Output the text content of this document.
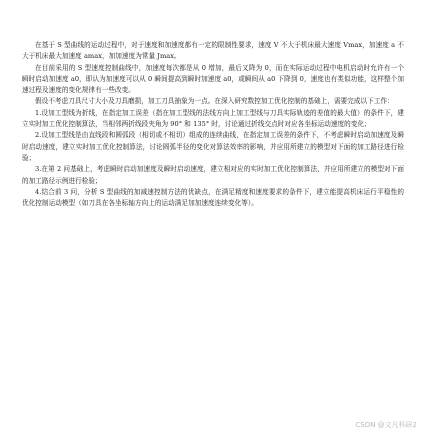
在基于 S 型曲线的运动过程中，对于速度和加速度都有一定的限制性要求，速度 V 不大于机床最大速度 Vmax，加速度 a 不大于机床最大加速度 amax，加加速度为常量 Jmax。

在目前采用的 S 型速度控制曲线中，加速度每次都是从 0 增加，最后又降为 0，而在实际运动过程中电机启动时允许有一个瞬时启动加速度 a0，即认为加速度可以从 0 瞬间提高到瞬时加速度 a0，或瞬间从 a0 下降到 0，速度也有类似功能，这样整个加速过程及速度的变化规律有一些改变。

假设不考虑刀具尺寸大小及刀具磨损，加工刀具抽象为一点。在深入研究数控加工优化控制的基础上，需要完成以下工作：

1.设加工型线为折线，在指定加工误差（指在加工型线的法线方向上加工型线与刀具实际轨迹的差值的最大值）的条件下，建立实时加工优化控制算法，当相邻两折线段夹角为 90° 和 135° 时，讨论通过折线交点时对应各坐标运动速度的变化；

2.设加工型线是由直线段和圆弧段（相切或不相切）组成的连续曲线，在指定加工误差的条件下，不考虑瞬时启动加速度及瞬时启动速度，建立实时加工优化控制算法，讨论圆弧半径的变化对算法效率的影响，并应用所建立的模型对下面的加工路径进行检验；

3.在第 2 问基础上，考虑瞬时启动加速度及瞬时启动速度，建立相对应的实时加工优化控制算法，并应用所建立的模型对下面的加工路径示例进行检验；

4.结合前 3 问，分析 S 型曲线的加减速控制方法的优缺点，在满足精度和速度要求的条件下，建立能提高机床运行平稳性的优化控制运动模型（如刀具在各坐标轴方向上的运动满足加加速度连续变化等）。

CSDN @文凡科研2
